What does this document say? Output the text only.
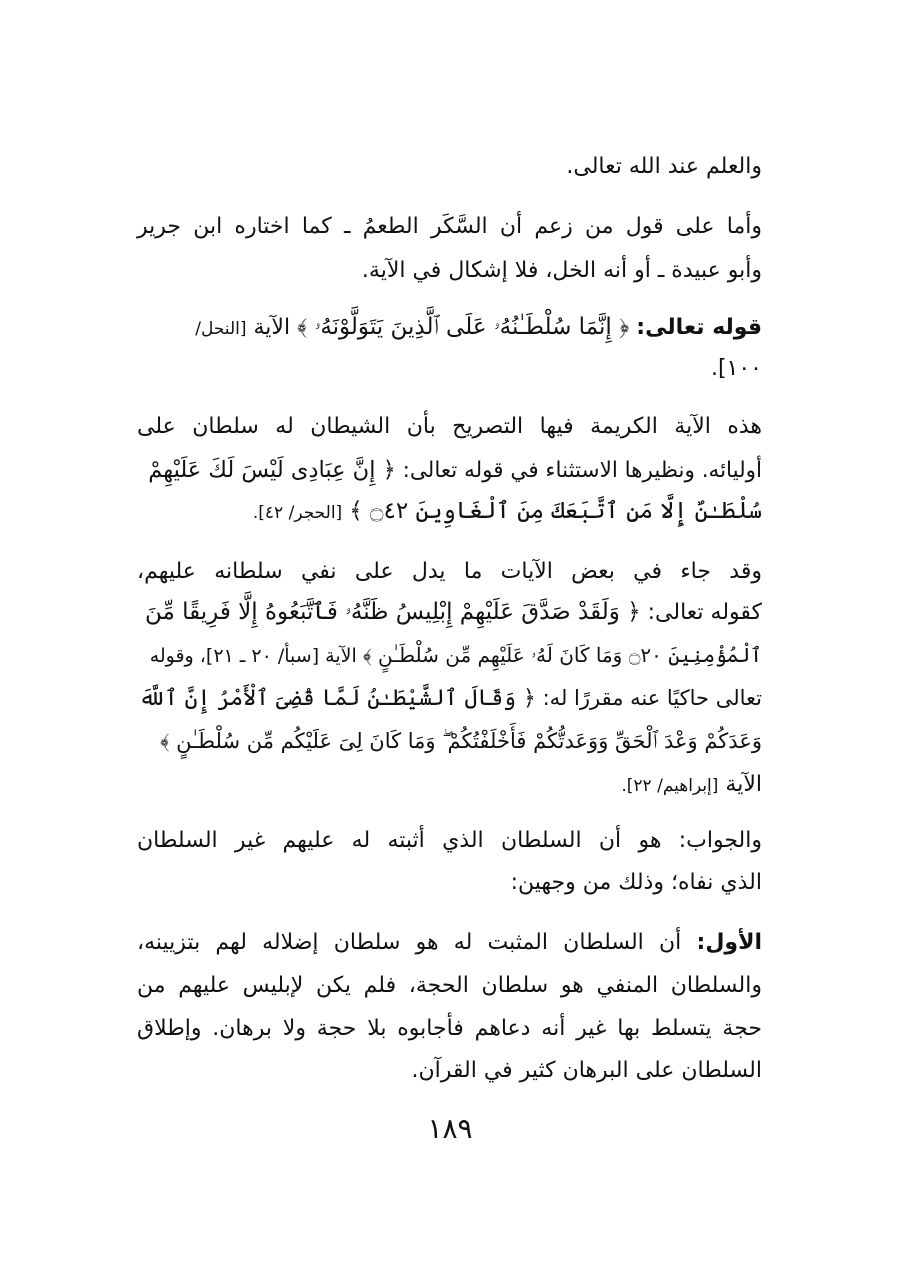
والعلم عند الله تعالى.
وأما على قول من زعم أن السَّكَر الطعمُ ـ كما اختاره ابن جرير
وأبو عبيدة ـ أو أنه الخل، فلا إشكال في الآية.
قوله تعالى: ﴿ إِنَّمَا سُلْطَـٰنُهُۥ عَلَى ٱلَّذِينَ يَتَوَلَّوْنَهُۥ ﴾ الآية [النحل/
١٠٠].
هذه الآية الكريمة فيها التصريح بأن الشيطان له سلطان على
أوليائه. ونظيرها الاستثناء في قوله تعالى: ﴿ إِنَّ عِبَادِى لَيْسَ لَكَ عَلَيْهِمْ
سُلْطَـٰنٌ إِلَّا مَنِ ٱتَّبَعَكَ مِنَ ٱلْغَاوِينَ ۝٤٢ ﴾ [الحجر/ ٤٢].
وقد جاء في بعض الآيات ما يدل على نفي سلطانه عليهم،
كقوله تعالى: ﴿ وَلَقَدْ صَدَّقَ عَلَيْهِمْ إِبْلِيسُ ظَنَّهُۥ فَٱتَّبَعُوهُ إِلَّا فَرِيقًا مِّنَ
ٱلْمُؤْمِنِينَ ۝٢٠ وَمَا كَانَ لَهُۥ عَلَيْهِم مِّن سُلْطَـٰنٍ ﴾ الآية [سبأ/ ٢٠ ـ ٢١]، وقوله
تعالى حاكيًا عنه مقررًا له: ﴿ وَقَالَ ٱلشَّيْطَـٰنُ لَمَّا قُضِىَ ٱلْأَمْرُ إِنَّ ٱللَّهَ
وَعَدَكُمْ وَعْدَ ٱلْحَقِّ وَوَعَدتُّكُمْ فَأَخْلَفْتُكُمْ ۖ وَمَا كَانَ لِىَ عَلَيْكُم مِّن سُلْطَـٰنٍ ﴾
الآية [إبراهيم/ ٢٢].
والجواب: هو أن السلطان الذي أثبته له عليهم غير السلطان
الذي نفاه؛ وذلك من وجهين:
الأول: أن السلطان المثبت له هو سلطان إضلاله لهم بتزيينه،
والسلطان المنفي هو سلطان الحجة، فلم يكن لإبليس عليهم من
حجة يتسلط بها غير أنه دعاهم فأجابوه بلا حجة ولا برهان. وإطلاق
السلطان على البرهان كثير في القرآن.
١٨٩
